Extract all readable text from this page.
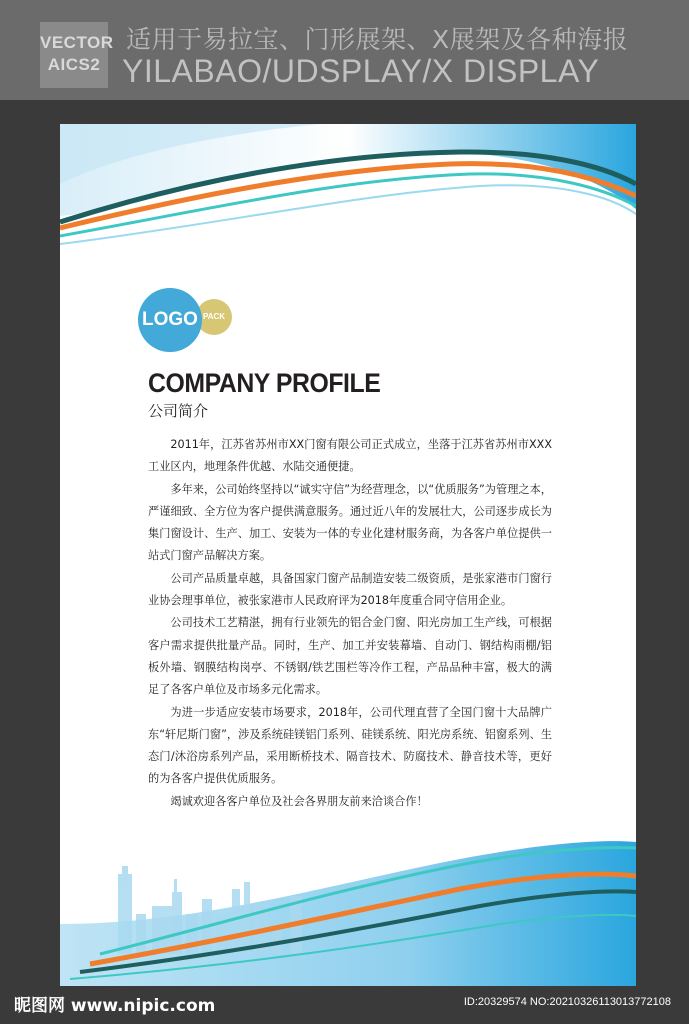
VECTOR
AICS2
适用于易拉宝、门形展架、X展架及各种海报
YILABAO/UDSPLAY/X DISPLAY
PACK
LOGO
COMPANY PROFILE
公司简介

2011年，江苏省苏州市XX门窗有限公司正式成立，坐落于江苏省苏州市XXX工业区内，地理条件优越、水陆交通便捷。

多年来，公司始终坚持以“诚实守信”为经营理念，以“优质服务”为管理之本，严谨细致、全方位为客户提供满意服务。通过近八年的发展壮大，公司逐步成长为集门窗设计、生产、加工、安装为一体的专业化建材服务商，为各客户单位提供一站式门窗产品解决方案。

公司产品质量卓越，具备国家门窗产品制造安装二级资质，是张家港市门窗行业协会理事单位，被张家港市人民政府评为2018年度重合同守信用企业。

公司技术工艺精湛，拥有行业领先的铝合金门窗、阳光房加工生产线，可根据客户需求提供批量产品。同时，生产、加工并安装幕墙、自动门、钢结构雨棚/铝板外墙、钢膜结构岗亭、不锈钢/铁艺围栏等冷作工程，产品品种丰富，极大的满足了各客户单位及市场多元化需求。

为进一步适应安装市场要求，2018年，公司代理直营了全国门窗十大品牌广东“轩尼斯门窗”，涉及系统硅镁铝门系列、硅镁系统、阳光房系统、铝窗系列、生态门/沐浴房系列产品，采用断桥技术、隔音技术、防腐技术、静音技术等，更好的为各客户提供优质服务。

竭诚欢迎各客户单位及社会各界朋友前来洽谈合作！

昵图网 www.nipic.com	ID:20329574 NO:20210326113013772108
